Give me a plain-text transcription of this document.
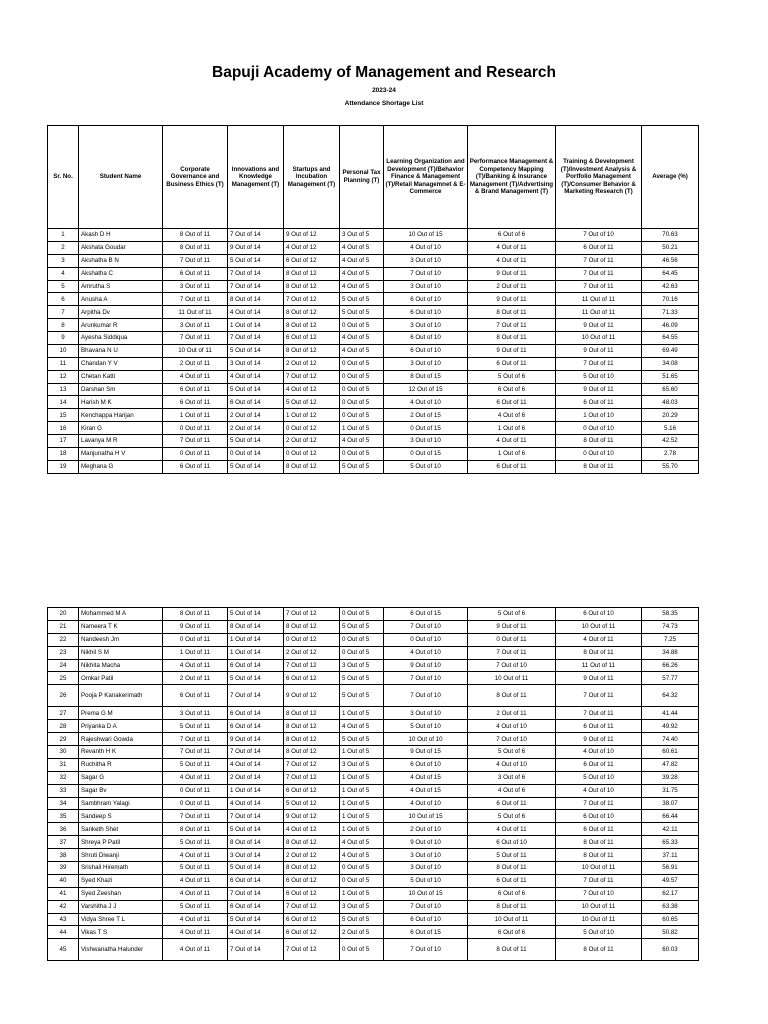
Bapuji Academy of Management and Research
2023-24
Attendance Shortage List
Sr. No.	Student Name	Corporate Governance and Business Ethics (T)	Innovations and Knowledge Management (T)	Startups and Incubation Management (T)	Personal Tax Planning (T)	Learning Organization and Development (T)/Behavior Finance & Management (T)/Retail Managemnet & E-Commerce	Performance Management & Competency Mapping (T)/Banking & Insurance Management (T)/Advertising & Brand Management (T)	Training & Development (T)/Investment Analysis & Portfolio Management (T)/Consumer Behavior & Marketing Research (T)	Average (%)
1	Akash D H	8 Out of 11	7 Out of 14	9 Out of 12	3 Out of 5	10 Out of 15	6 Out of 6	7 Out of 10	70.63
2	Akshata Goudar	8 Out of 11	9 Out of 14	4 Out of 12	4 Out of 5	4 Out of 10	4 Out of 11	6 Out of 11	50.21
3	Akshatha B N	7 Out of 11	5 Out of 14	6 Out of 12	4 Out of 5	3 Out of 10	4 Out of 11	7 Out of 11	46.56
4	Akshatha C	6 Out of 11	7 Out of 14	8 Out of 12	4 Out of 5	7 Out of 10	9 Out of 11	7 Out of 11	64.45
5	Amrutha S	3 Out of 11	7 Out of 14	8 Out of 12	4 Out of 5	3 Out of 10	2 Out of 11	7 Out of 11	42.63
6	Anusha A	7 Out of 11	8 Out of 14	7 Out of 12	5 Out of 5	6 Out of 10	9 Out of 11	11 Out of 11	70.16
7	Arpitha Dv	11 Out of 11	4 Out of 14	8 Out of 12	5 Out of 5	6 Out of 10	8 Out of 11	11 Out of 11	71.33
8	Arunkumar R	3 Out of 11	1 Out of 14	8 Out of 12	0 Out of 5	3 Out of 10	7 Out of 11	9 Out of 11	46.09
9	Ayesha Siddiqua	7 Out of 11	7 Out of 14	6 Out of 12	4 Out of 5	6 Out of 10	8 Out of 11	10 Out of 11	64.55
10	Bhavana N U	10 Out of 11	5 Out of 14	8 Out of 12	4 Out of 5	6 Out of 10	9 Out of 11	9 Out of 11	69.49
11	Chandan Y V	2 Out of 11	3 Out of 14	2 Out of 12	0 Out of 5	3 Out of 10	6 Out of 11	7 Out of 11	34.08
12	Chetan Katti	4 Out of 11	4 Out of 14	7 Out of 12	0 Out of 5	8 Out of 15	5 Out of 6	5 Out of 10	51.65
13	Darshan Sm	6 Out of 11	5 Out of 14	4 Out of 12	0 Out of 5	12 Out of 15	6 Out of 6	9 Out of 11	65.60
14	Harish M K	6 Out of 11	6 Out of 14	5 Out of 12	0 Out of 5	4 Out of 10	6 Out of 11	6 Out of 11	48.03
15	Kenchappa Harijan	1 Out of 11	2 Out of 14	1 Out of 12	0 Out of 5	2 Out of 15	4 Out of 6	1 Out of 10	20.29
16	Kiran G	0 Out of 11	2 Out of 14	0 Out of 12	1 Out of 5	0 Out of 15	1 Out of 6	0 Out of 10	5.16
17	Lavanya M R	7 Out of 11	5 Out of 14	2 Out of 12	4 Out of 5	3 Out of 10	4 Out of 11	8 Out of 11	42.52
18	Manjunatha H V	0 Out of 11	0 Out of 14	0 Out of 12	0 Out of 5	0 Out of 15	1 Out of 6	0 Out of 10	2.78
19	Meghana G	6 Out of 11	5 Out of 14	8 Out of 12	5 Out of 5	5 Out of 10	6 Out of 11	8 Out of 11	55.70
20	Mohammed M A	8 Out of 11	5 Out of 14	7 Out of 12	0 Out of 5	6 Out of 15	5 Out of 6	6 Out of 10	58.35
21	Nameera T K	9 Out of 11	8 Out of 14	8 Out of 12	5 Out of 5	7 Out of 10	9 Out of 11	10 Out of 11	74.73
22	Nandeesh Jm	0 Out of 11	1 Out of 14	0 Out of 12	0 Out of 5	0 Out of 10	0 Out of 11	4 Out of 11	7.25
23	Nikhil S M	1 Out of 11	1 Out of 14	2 Out of 12	0 Out of 5	4 Out of 10	7 Out of 11	8 Out of 11	34.88
24	Nikhita Macha	4 Out of 11	6 Out of 14	7 Out of 12	3 Out of 5	9 Out of 10	7 Out of 10	11 Out of 11	66.26
25	Omkar Patil	2 Out of 11	5 Out of 14	6 Out of 12	5 Out of 5	7 Out of 10	10 Out of 11	9 Out of 11	57.77
26	Pooja P Kanakerimath	6 Out of 11	7 Out of 14	9 Out of 12	5 Out of 5	7 Out of 10	8 Out of 11	7 Out of 11	64.32
27	Prema G M	3 Out of 11	6 Out of 14	8 Out of 12	1 Out of 5	3 Out of 10	2 Out of 11	7 Out of 11	41.44
28	Priyanka D A	5 Out of 11	6 Out of 14	8 Out of 12	4 Out of 5	5 Out of 10	4 Out of 10	6 Out of 11	49.92
29	Rajeshwari Gowda	7 Out of 11	9 Out of 14	8 Out of 12	5 Out of 5	10 Out of 10	7 Out of 10	9 Out of 11	74.40
30	Revanth H K	7 Out of 11	7 Out of 14	8 Out of 12	1 Out of 5	9 Out of 15	5 Out of 6	4 Out of 10	60.61
31	Ruchitha R	5 Out of 11	4 Out of 14	7 Out of 12	3 Out of 5	6 Out of 10	4 Out of 10	6 Out of 11	47.82
32	Sagar G	4 Out of 11	2 Out of 14	7 Out of 12	1 Out of 5	4 Out of 15	3 Out of 6	5 Out of 10	39.28
33	Sagar Bv	0 Out of 11	1 Out of 14	6 Out of 12	1 Out of 5	4 Out of 15	4 Out of 6	4 Out of 10	31.75
34	Sambhram Yalagi	0 Out of 11	4 Out of 14	5 Out of 12	1 Out of 5	4 Out of 10	6 Out of 11	7 Out of 11	38.07
35	Sandeep S	7 Out of 11	7 Out of 14	9 Out of 12	1 Out of 5	10 Out of 15	5 Out of 6	6 Out of 10	66.44
36	Sanketh Shet	8 Out of 11	5 Out of 14	4 Out of 12	1 Out of 5	2 Out of 10	4 Out of 11	6 Out of 11	42.11
37	Shreya P Patil	5 Out of 11	8 Out of 14	8 Out of 12	4 Out of 5	9 Out of 10	6 Out of 10	8 Out of 11	65.33
38	Shruti Diwanji	4 Out of 11	3 Out of 14	2 Out of 12	4 Out of 5	3 Out of 10	5 Out of 11	8 Out of 11	37.11
39	Srishail Hiremath	5 Out of 11	5 Out of 14	8 Out of 12	0 Out of 5	3 Out of 10	8 Out of 11	10 Out of 11	56.91
40	Syed Khazi	4 Out of 11	6 Out of 14	6 Out of 12	0 Out of 5	5 Out of 10	6 Out of 11	7 Out of 11	49.57
41	Syed Zeeshan	4 Out of 11	7 Out of 14	6 Out of 12	1 Out of 5	10 Out of 15	6 Out of 6	7 Out of 10	62.17
42	Varshitha J J	5 Out of 11	6 Out of 14	7 Out of 12	3 Out of 5	7 Out of 10	8 Out of 11	10 Out of 11	63.38
43	Vidya Shree T L	4 Out of 11	5 Out of 14	6 Out of 12	5 Out of 5	6 Out of 10	10 Out of 11	10 Out of 11	60.65
44	Vikas T S	4 Out of 11	4 Out of 14	6 Out of 12	2 Out of 5	6 Out of 15	6 Out of 6	5 Out of 10	50.82
45	Vishwanatha Halunder	4 Out of 11	7 Out of 14	7 Out of 12	0 Out of 5	7 Out of 10	8 Out of 11	8 Out of 11	60.03
